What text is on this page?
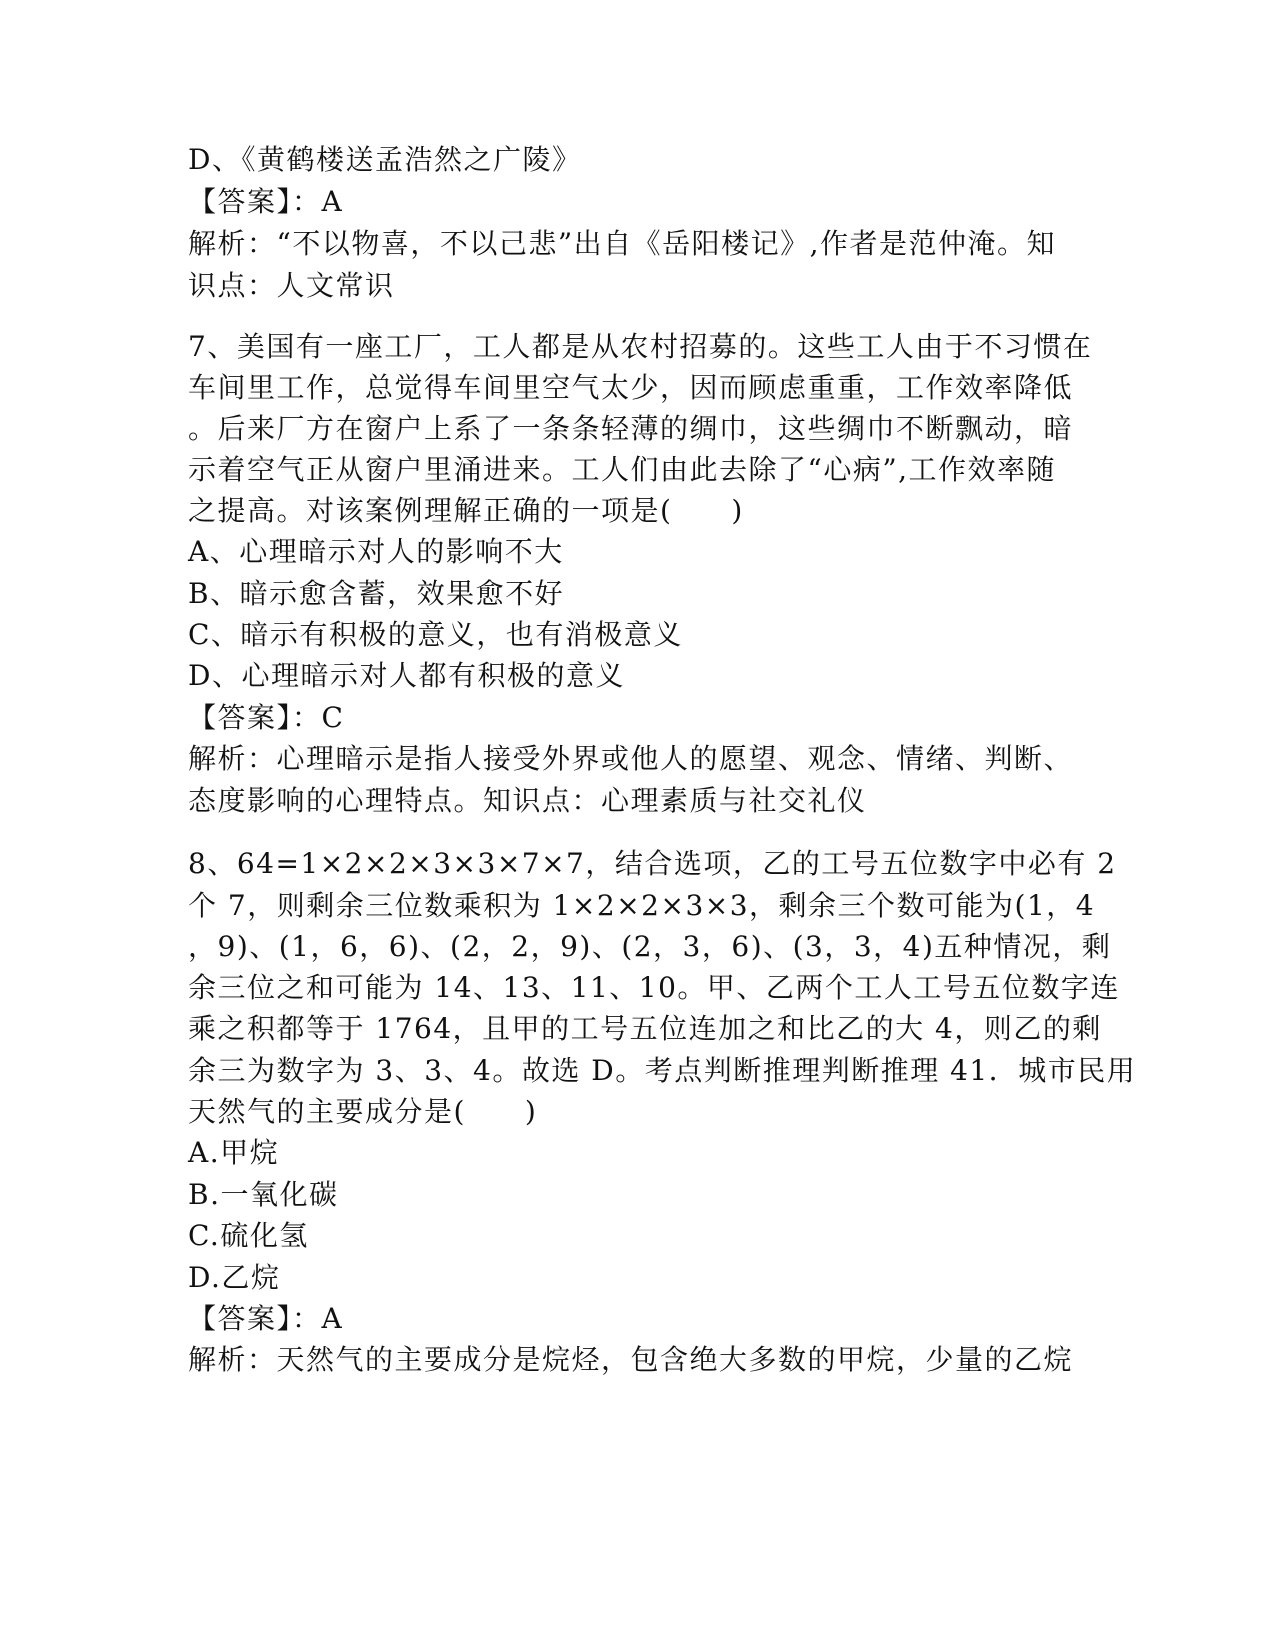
D、《黄鹤楼送孟浩然之广陵》
【答案】：A
解析：“不以物喜，不以己悲”出自《岳阳楼记》,作者是范仲淹。知
识点：人文常识
7、美国有一座工厂，工人都是从农村招募的。这些工人由于不习惯在
车间里工作，总觉得车间里空气太少，因而顾虑重重，工作效率降低
。后来厂方在窗户上系了一条条轻薄的绸巾，这些绸巾不断飘动，暗
示着空气正从窗户里涌进来。工人们由此去除了“心病”,工作效率随
之提高。对该案例理解正确的一项是(　　)
A、心理暗示对人的影响不大
B、暗示愈含蓄，效果愈不好
C、暗示有积极的意义，也有消极意义
D、心理暗示对人都有积极的意义
【答案】：C
解析：心理暗示是指人接受外界或他人的愿望、观念、情绪、判断、
态度影响的心理特点。知识点：心理素质与社交礼仪
8、64=1×2×2×3×3×7×7，结合选项，乙的工号五位数字中必有 2
个 7，则剩余三位数乘积为 1×2×2×3×3，剩余三个数可能为(1，4
，9)、(1，6，6)、(2，2，9)、(2，3，6)、(3，3，4)五种情况，剩
余三位之和可能为 14、13、11、10。甲、乙两个工人工号五位数字连
乘之积都等于 1764，且甲的工号五位连加之和比乙的大 4，则乙的剩
余三为数字为 3、3、4。故选 D。考点判断推理判断推理 41．城市民用
天然气的主要成分是(　　)
A.甲烷
B.一氧化碳
C.硫化氢
D.乙烷
【答案】：A
解析：天然气的主要成分是烷烃，包含绝大多数的甲烷，少量的乙烷
